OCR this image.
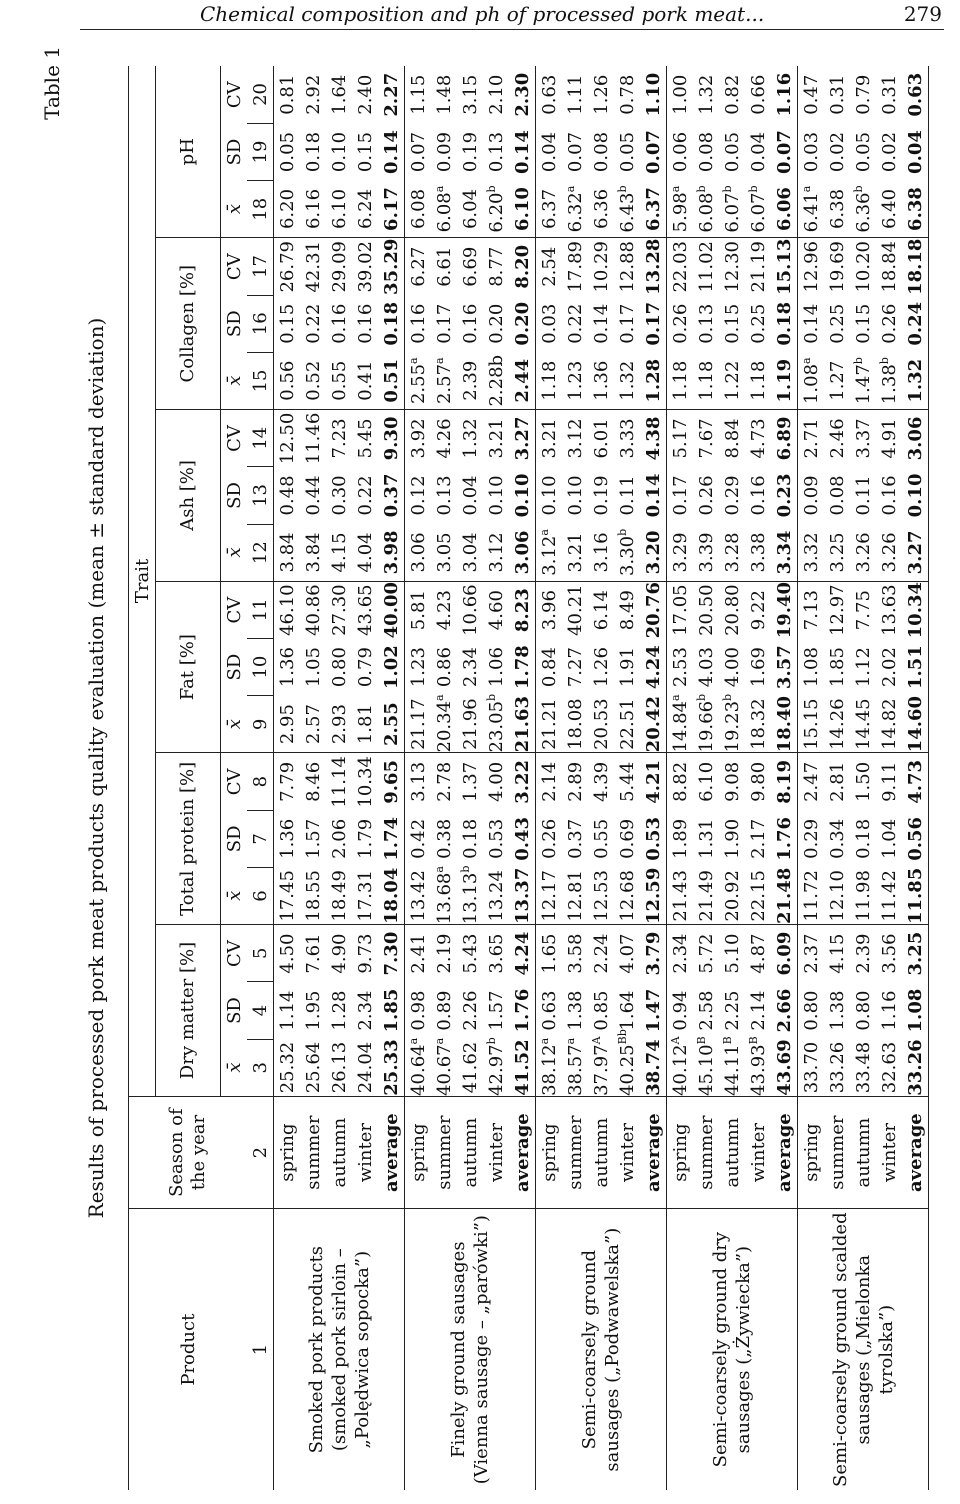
Chemical composition and ph of processed pork meat...	279
Table 1
Results of processed pork meat products quality evaluation (mean ± standard deviation)
Product	Season of the year	Trait																	
		Dry matter [%]			Total protein [%]			Fat [%]			Ash [%]			Collagen [%]			pH		
		x̄	SD	CV	x̄	SD	CV	x̄	SD	CV	x̄	SD	CV	x̄	SD	CV	x̄	SD	CV
1	2	3	4	5	6	7	8	9	10	11	12	13	14	15	16	17	18	19	20
Smoked pork products (smoked pork sirloin – „Polędwica sopocka”)	spring	25.32	1.14	4.50	17.45	1.36	7.79	2.95	1.36	46.10	3.84	0.48	12.50	0.56	0.15	26.79	6.20	0.05	0.81
	summer	25.64	1.95	7.61	18.55	1.57	8.46	2.57	1.05	40.86	3.84	0.44	11.46	0.52	0.22	42.31	6.16	0.18	2.92
	autumn	26.13	1.28	4.90	18.49	2.06	11.14	2.93	0.80	27.30	4.15	0.30	7.23	0.55	0.16	29.09	6.10	0.10	1.64
	winter	24.04	2.34	9.73	17.31	1.79	10.34	1.81	0.79	43.65	4.04	0.22	5.45	0.41	0.16	39.02	6.24	0.15	2.40
	average	25.33	1.85	7.30	18.04	1.74	9.65	2.55	1.02	40.00	3.98	0.37	9.30	0.51	0.18	35.29	6.17	0.14	2.27
Finely ground sausages (Vienna sausage – „parówki”)	spring	40.64$^a$	0.98	2.41	13.42	0.42	3.13	21.17	1.23	5.81	3.06	0.12	3.92	2.55$^a$	0.16	6.27	6.08	0.07	1.15
	summer	40.67$^a$	0.89	2.19	13.68$^a$	0.38	2.78	20.34$^a$	0.86	4.23	3.05	0.13	4.26	2.57$^a$	0.17	6.61	6.08$^a$	0.09	1.48
	autumn	41.62	2.26	5.43	13.13$^b$	0.18	1.37	21.96	2.34	10.66	3.04	0.04	1.32	2.39	0.16	6.69	6.04	0.19	3.15
	winter	42.97$^b$	1.57	3.65	13.24	0.53	4.00	23.05$^b$	1.06	4.60	3.12	0.10	3.21	2.28b	0.20	8.77	6.20$^b$	0.13	2.10
	average	41.52	1.76	4.24	13.37	0.43	3.22	21.63	1.78	8.23	3.06	0.10	3.27	2.44	0.20	8.20	6.10	0.14	2.30
Semi-coarsely ground sausages („Podwawelska”)	spring	38.12$^a$	0.63	1.65	12.17	0.26	2.14	21.21	0.84	3.96	3.12$^a$	0.10	3.21	1.18	0.03	2.54	6.37	0.04	0.63
	summer	38.57$^a$	1.38	3.58	12.81	0.37	2.89	18.08	7.27	40.21	3.21	0.10	3.12	1.23	0.22	17.89	6.32$^a$	0.07	1.11
	autumn	$37.97^A$	0.85	2.24	12.53	0.55	4.39	20.53	1.26	6.14	3.16	0.19	6.01	1.36	0.14	10.29	6.36	0.08	1.26
	winter	$40.25^{Bb}$	1.64	4.07	12.68	0.69	5.44	22.51	1.91	8.49	3.30$^b$	0.11	3.33	1.32	0.17	12.88	6.43$^b$	0.05	0.78
	average	38.74	1.47	3.79	12.59	0.53	4.21	20.42	4.24	20.76	3.20	0.14	4.38	1.28	0.17	13.28	6.37	0.07	1.10
Semi-coarsely ground dry sausages („Żywiecka”)	spring	$40.12^A$	0.94	2.34	21.43	1.89	8.82	14.84$^a$	2.53	17.05	3.29	0.17	5.17	1.18	0.26	22.03	5.98$^a$	0.06	1.00
	summer	$45.10^B$	2.58	5.72	21.49	1.31	6.10	19.66$^b$	4.03	20.50	3.39	0.26	7.67	1.18	0.13	11.02	6.08$^b$	0.08	1.32
	autumn	$44.11^B$	2.25	5.10	20.92	1.90	9.08	19.23$^b$	4.00	20.80	3.28	0.29	8.84	1.22	0.15	12.30	6.07$^b$	0.05	0.82
	winter	$43.93^B$	2.14	4.87	22.15	2.17	9.80	18.32	1.69	9.22	3.38	0.16	4.73	1.18	0.25	21.19	6.07$^b$	0.04	0.66
	average	43.69	2.66	6.09	21.48	1.76	8.19	18.40	3.57	19.40	3.34	0.23	6.89	1.19	0.18	15.13	6.06	0.07	1.16
Semi-coarsely ground scalded sausages („Mielonka tyrolska”)	spring	33.70	0.80	2.37	11.72	0.29	2.47	15.15	1.08	7.13	3.32	0.09	2.71	1.08$^a$	0.14	12.96	6.41$^a$	0.03	0.47
	summer	33.26	1.38	4.15	12.10	0.34	2.81	14.26	1.85	12.97	3.25	0.08	2.46	1.27	0.25	19.69	6.38	0.02	0.31
	autumn	33.48	0.80	2.39	11.98	0.18	1.50	14.45	1.12	7.75	3.26	0.11	3.37	1.47$^b$	0.15	10.20	6.36$^b$	0.05	0.79
	winter	32.63	1.16	3.56	11.42	1.04	9.11	14.82	2.02	13.63	3.26	0.16	4.91	1.38$^b$	0.26	18.84	6.40	0.02	0.31
	average	33.26	1.08	3.25	11.85	0.56	4.73	14.60	1.51	10.34	3.27	0.10	3.06	1.32	0.24	18.18	6.38	0.04	0.63
